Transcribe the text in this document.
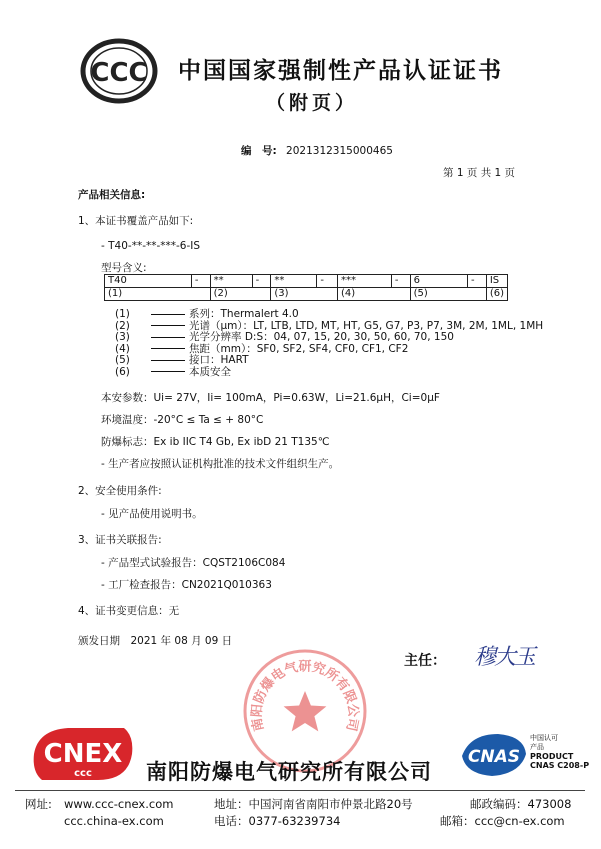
CCC 中国国家强制性产品认证证书
（附页）
编　号: 2021312315000465
第 1 页 共 1 页
产品相关信息:
1、本证书覆盖产品如下:
- T40-**-**-***-6-IS
型号含义:
T40	-	**	-	**	-	***	-	6	-	IS
(1)		(2)		(3)		(4)		(5)		(6)
(1)	系列：Thermalert 4.0
(2)	光谱（μm）：LT, LTB, LTD, MT, HT, G5, G7, P3, P7, 3M, 2M, 1ML, 1MH
(3)	光学分辨率 D:S：04, 07, 15, 20, 30, 50, 60, 70, 150
(4)	焦距（mm）：SF0, SF2, SF4, CF0, CF1, CF2
(5)	接口：HART
(6)	本质安全
本安参数：Ui= 27V，Ii= 100mA，Pi=0.63W，Li=21.6μH，Ci=0μF
环境温度：-20°C ≤ Ta ≤ + 80°C
防爆标志：Ex ib IIC T4 Gb, Ex ibD 21 T135℃
- 生产者应按照认证机构批准的技术文件组织生产。
2、安全使用条件:
- 见产品使用说明书。
3、证书关联报告:
- 产品型式试验报告：CQST2106C084
- 工厂检查报告：CN2021Q010363
4、证书变更信息：无
颁发日期　2021 年 08 月 09 日
主任： 穆大玉
南阳防爆电气研究所有限公司
CNEX
ccc	南阳防爆电气研究所有限公司
CNAS
中国认可
产品
PRODUCT
CNAS C208-P
网址: www.ccc-cnex.com
ccc.china-ex.com
地址：中国河南省南阳市仲景北路20号
电话：0377-63239734
邮政编码：473008
邮箱：ccc@cn-ex.com
